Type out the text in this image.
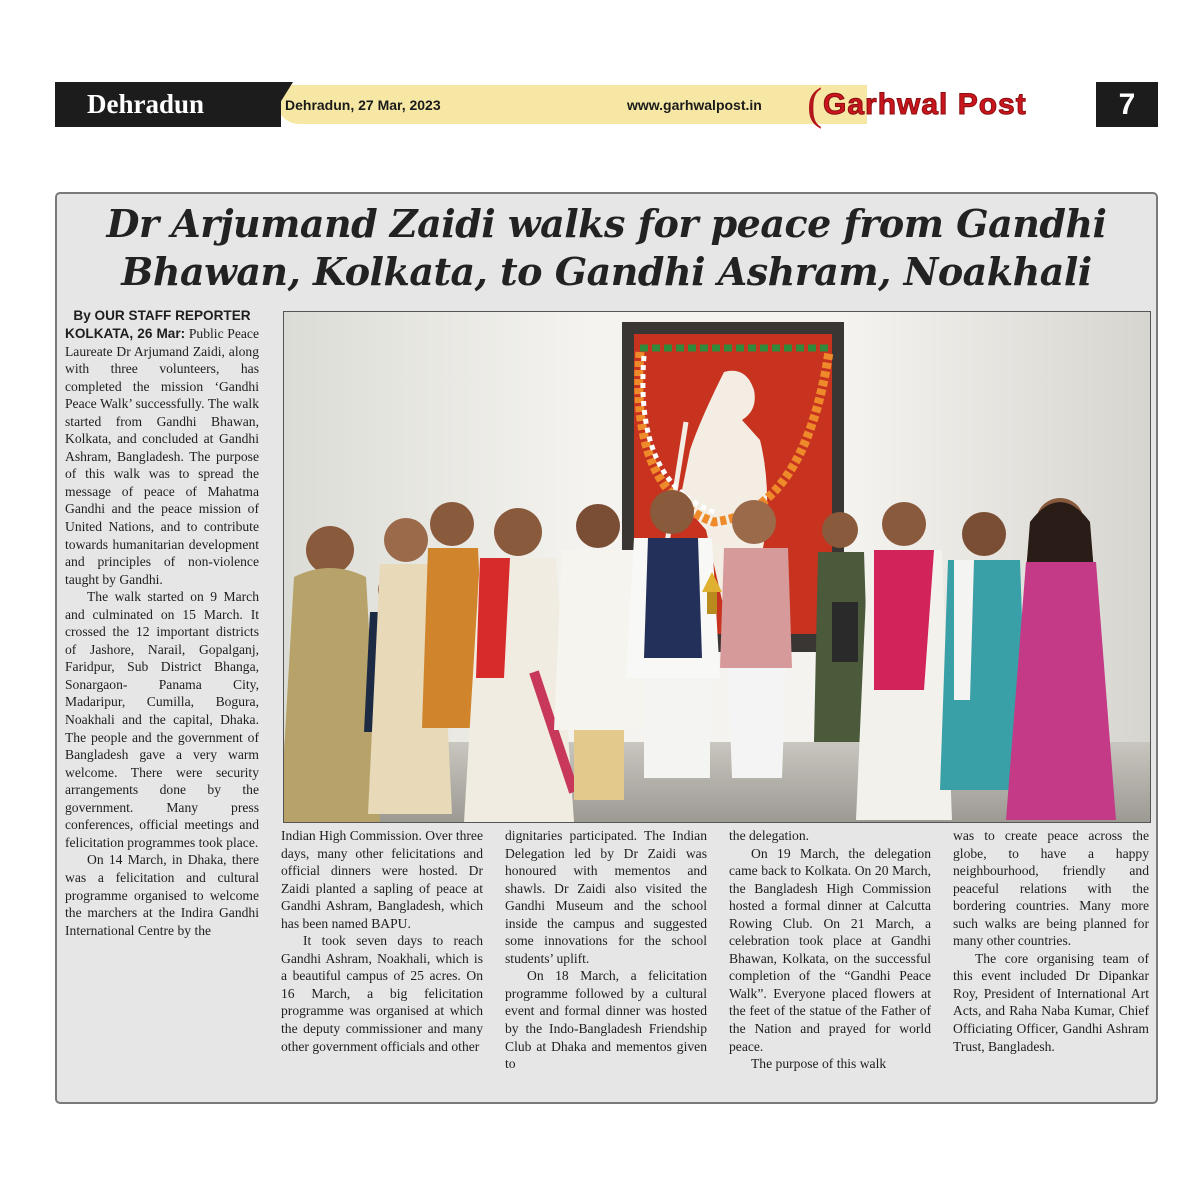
Dehradun	Dehradun, 27 Mar, 2023	www.garhwalpost.in ( Garhwal Post	7
Dr Arjumand Zaidi walks for peace from Gandhi
Bhawan, Kolkata, to Gandhi Ashram, Noakhali
By OUR STAFF REPORTER

KOLKATA, 26 Mar: Public Peace Laureate Dr Arjumand Zaidi, along with three volunteers, has completed the mission ‘Gandhi Peace Walk’ successfully. The walk started from Gandhi Bhawan, Kolkata, and concluded at Gandhi Ashram, Bangladesh. The purpose of this walk was to spread the message of peace of Mahatma Gandhi and the peace mission of United Nations, and to contribute towards humanitarian development and principles of non-violence taught by Gandhi.

The walk started on 9 March and culminated on 15 March. It crossed the 12 important districts of Jashore, Narail, Gopalganj, Faridpur, Sub District Bhanga, Sonargaon- Panama City, Madaripur, Cumilla, Bogura, Noakhali and the capital, Dhaka. The people and the government of Bangladesh gave a very warm welcome. There were security arrangements done by the government. Many press conferences, official meetings and felicitation programmes took place.

On 14 March, in Dhaka, there was a felicitation and cultural programme organised to welcome the marchers at the Indira Gandhi International Centre by the

Indian High Commission. Over three days, many other felicitations and official dinners were hosted. Dr Zaidi planted a sapling of peace at Gandhi Ashram, Bangladesh, which has been named BAPU.

It took seven days to reach Gandhi Ashram, Noakhali, which is a beautiful campus of 25 acres. On 16 March, a big felicitation programme was organised at which the deputy commissioner and many other government officials and other

dignitaries participated. The Indian Delegation led by Dr Zaidi was honoured with mementos and shawls. Dr Zaidi also visited the Gandhi Museum and the school inside the campus and suggested some innovations for the school students’ uplift.

On 18 March, a felicitation programme followed by a cultural event and formal dinner was hosted by the Indo-Bangladesh Friendship Club at Dhaka and mementos given to

the delegation.

On 19 March, the delegation came back to Kolkata. On 20 March, the Bangladesh High Commission hosted a formal dinner at Calcutta Rowing Club. On 21 March, a celebration took place at Gandhi Bhawan, Kolkata, on the successful completion of the “Gandhi Peace Walk”. Everyone placed flowers at the feet of the statue of the Father of the Nation and prayed for world peace.

The purpose of this walk

was to create peace across the globe, to have a happy neighbourhood, friendly and peaceful relations with the bordering countries. Many more such walks are being planned for many other countries.

The core organising team of this event included Dr Dipankar Roy, President of International Art Acts, and Raha Naba Kumar, Chief Officiating Officer, Gandhi Ashram Trust, Bangladesh.
